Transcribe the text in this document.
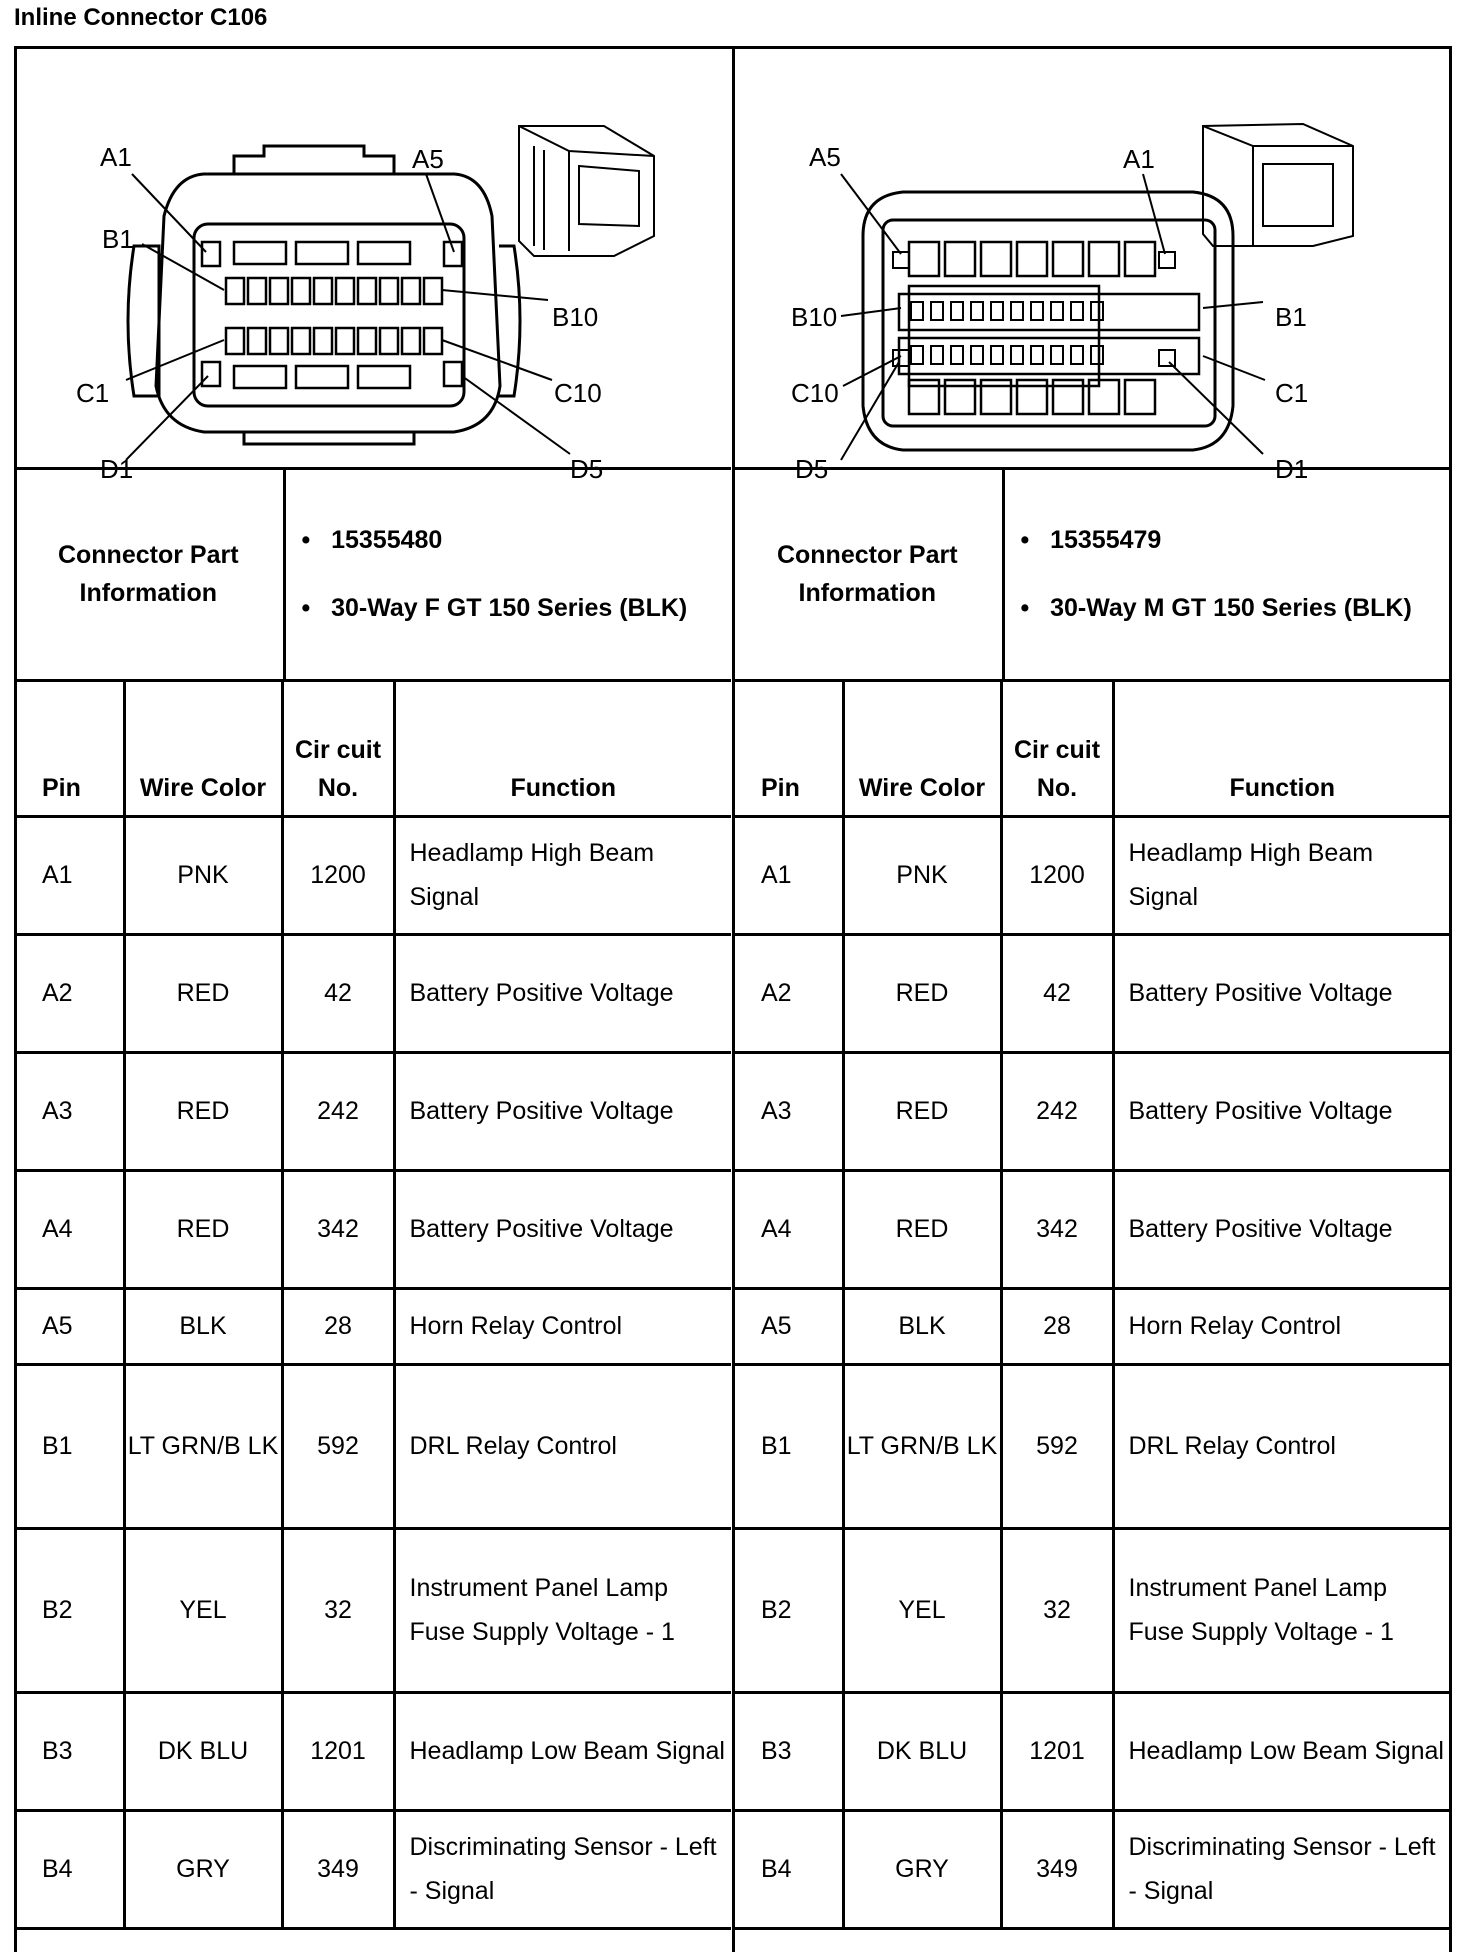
Inline Connector C106
A1	A5
B1
B10
C1	C10
D1	D5
Connector Part Information	
•   15355480
•   30-Way F GT 150 Series (BLK)
Pin	Wire Color	Cir cuit No.	Function
A1	PNK	1200	Headlamp High Beam Signal
A2	RED	42	Battery Positive Voltage
A3	RED	242	Battery Positive Voltage
A4	RED	342	Battery Positive Voltage
A5	BLK	28	Horn Relay Control
B1	LT GRN/B LK	592	DRL Relay Control
B2	YEL	32	Instrument Panel Lamp Fuse Supply Voltage - 1
B3	DK BLU	1201	Headlamp Low Beam Signal
B4	GRY	349	Discriminating Sensor - Left - Signal
A5	A1
B10	B1
C10	C1
D5	D1
Connector Part Information	
•   15355479
•   30-Way M GT 150 Series (BLK)
Pin	Wire Color	Cir cuit No.	Function
A1	PNK	1200	Headlamp High Beam Signal
A2	RED	42	Battery Positive Voltage
A3	RED	242	Battery Positive Voltage
A4	RED	342	Battery Positive Voltage
A5	BLK	28	Horn Relay Control
B1	LT GRN/B LK	592	DRL Relay Control
B2	YEL	32	Instrument Panel Lamp Fuse Supply Voltage - 1
B3	DK BLU	1201	Headlamp Low Beam Signal
B4	GRY	349	Discriminating Sensor - Left - Signal
